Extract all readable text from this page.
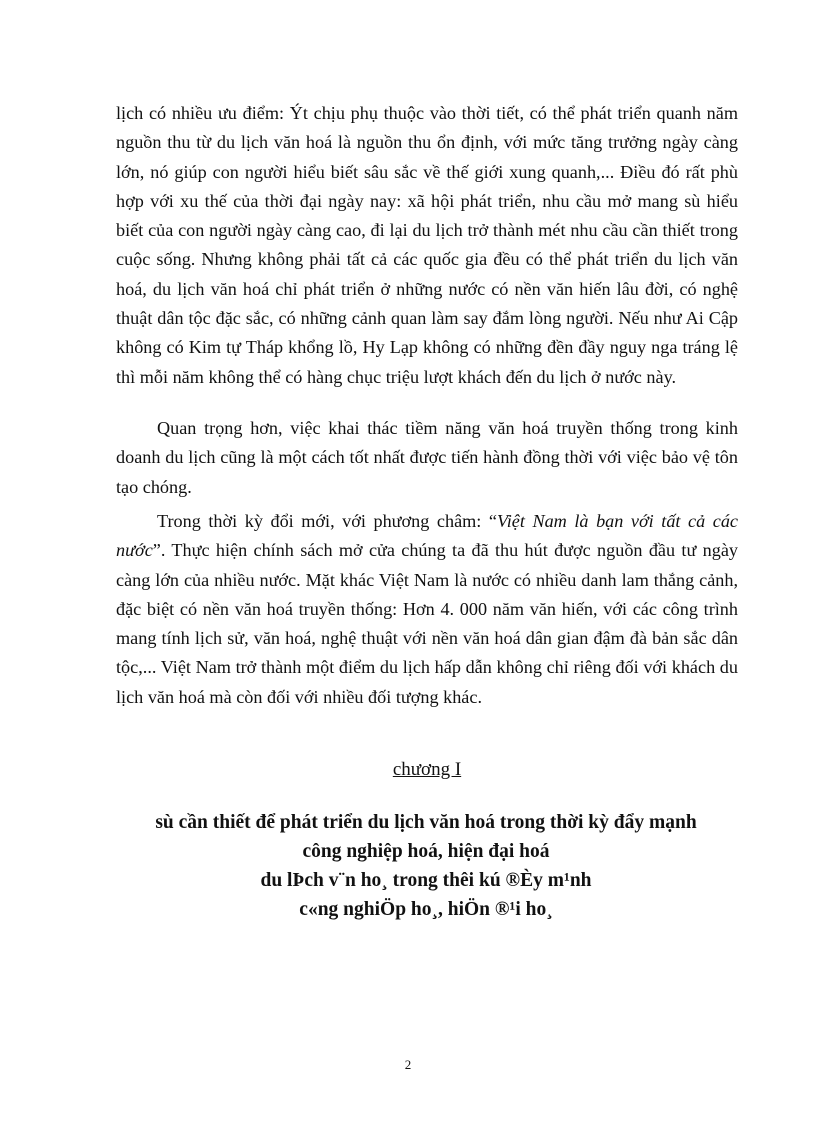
lịch có nhiều ưu điểm: Ýt chịu phụ thuộc vào thời tiết, có thể phát triển quanh năm nguồn thu từ du lịch văn hoá là nguồn thu ổn định, với mức tăng trưởng ngày càng lớn, nó giúp con người hiểu biết sâu sắc về thế giới xung quanh,... Điều đó rất phù hợp với xu thế của thời đại ngày nay: xã hội phát triển, nhu cầu mở mang sù hiểu biết của con người ngày càng cao, đi lại du lịch trở thành mét nhu cầu cần thiết trong cuộc sống. Nhưng không phải tất cả các quốc gia đều có thể phát triển du lịch văn hoá, du lịch văn hoá chỉ phát triển ở những nước có nền văn hiến lâu đời, có nghệ thuật dân tộc đặc sắc, có những cảnh quan làm say đắm lòng người. Nếu như Ai Cập không có Kim tự Tháp khổng lồ, Hy Lạp không có những đền đầy nguy nga tráng lệ thì mỗi năm không thể có hàng chục triệu lượt khách đến du lịch ở nước này.

Quan trọng hơn, việc khai thác tiềm năng văn hoá truyền thống trong kinh doanh du lịch cũng là một cách tốt nhất được tiến hành đồng thời với việc bảo vệ tôn tạo chóng.

Trong thời kỳ đổi mới, với phương châm: “Việt Nam là bạn với tất cả các nước”. Thực hiện chính sách mở cửa chúng ta đã thu hút được nguồn đầu tư ngày càng lớn của nhiều nước. Mặt khác Việt Nam là nước có nhiều danh lam thắng cảnh, đặc biệt có nền văn hoá truyền thống: Hơn 4. 000 năm văn hiến, với các công trình mang tính lịch sử, văn hoá, nghệ thuật với nền văn hoá dân gian đậm đà bản sắc dân tộc,... Việt Nam trở thành một điểm du lịch hấp dẫn không chỉ riêng đối với khách du lịch văn hoá mà còn đối với nhiều đối tượng khác.

chương I
sù cần thiết để phát triển du lịch văn hoá trong thời kỳ đẩy mạnh
công nghiệp hoá, hiện đại hoá
du lÞch v¨n ho¸ trong thêi kú ®Èy m¹nh
c«ng nghiÖp ho¸, hiÖn ®¹i ho¸
2
